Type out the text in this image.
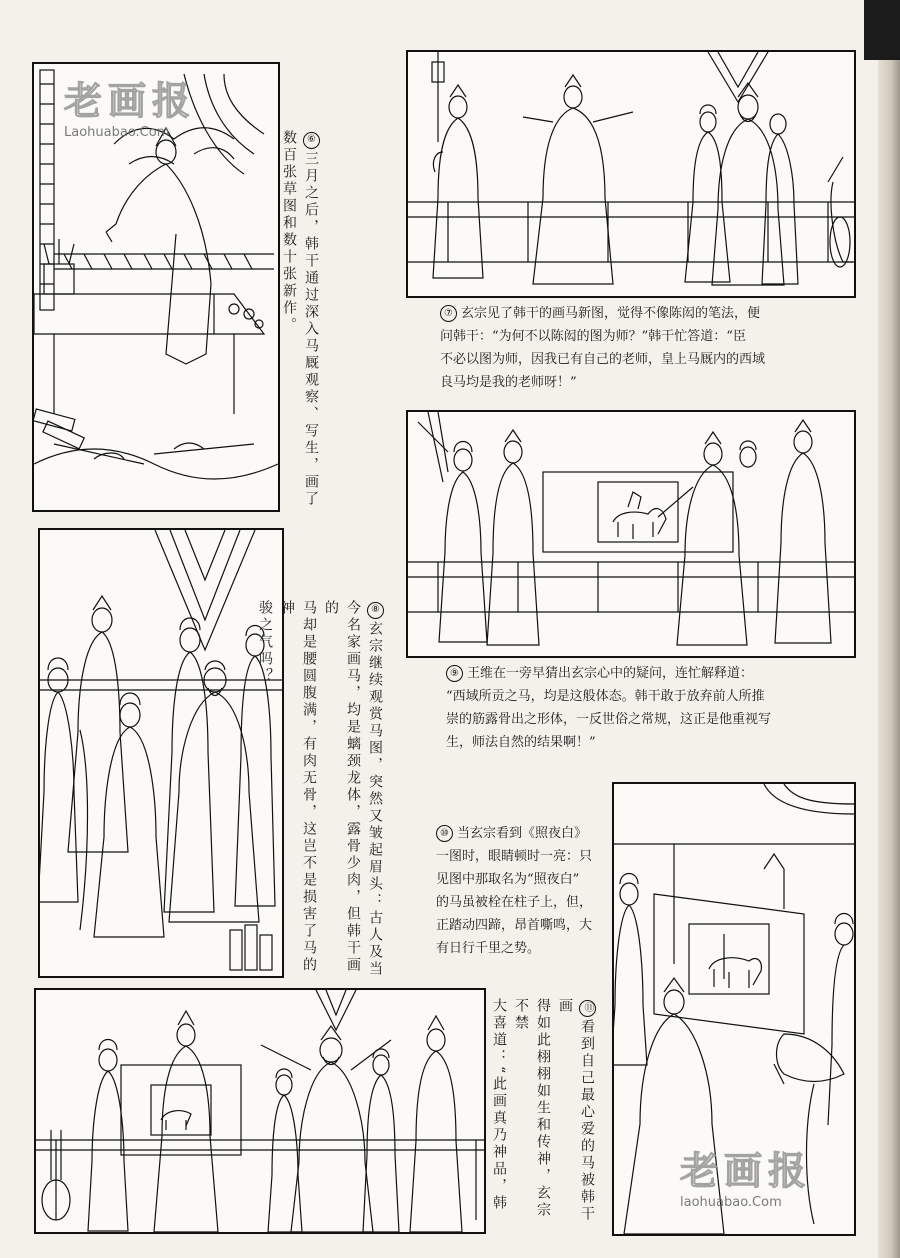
⑥三月之后，韩干通过深入马厩观察、写生，画了
数百张草图和数十张新作。	⑦ 玄宗见了韩干的画马新图，觉得不像陈闳的笔法，便
问韩干：“为何不以陈闳的图为师？”韩干忙答道：“臣
不必以图为师，因我已有自己的老师，皇上马厩内的西域
良马均是我的老师呀！”
⑨ 王维在一旁早猜出玄宗心中的疑问，连忙解释道：
“西域所贡之马，均是这般体态。韩干敢于放弃前人所推
崇的筋露骨出之形体，一反世俗之常规，这正是他重视写
生，师法自然的结果啊！”
⑧玄宗继续观赏马图，突然又皱起眉头：古人及当
今名家画马，均是螭颈龙体，露骨少肉，但韩干画的
马却是腰圆腹满，有肉无骨，这岂不是损害了马的神
骏之气吗？
⑩ 当玄宗看到《照夜白》
一图时，眼睛顿时一亮：只
见图中那取名为“照夜白”
的马虽被栓在柱子上，但，
正踏动四蹄，昂首嘶鸣，大
有日行千里之势。
⑪看到自己最心爱的马被韩干画
得如此栩栩如生和传神，玄宗不禁
大喜道：“此画真乃神品，韩

老画报
Laohuabao.Com
老画报
laohuabao.Com
